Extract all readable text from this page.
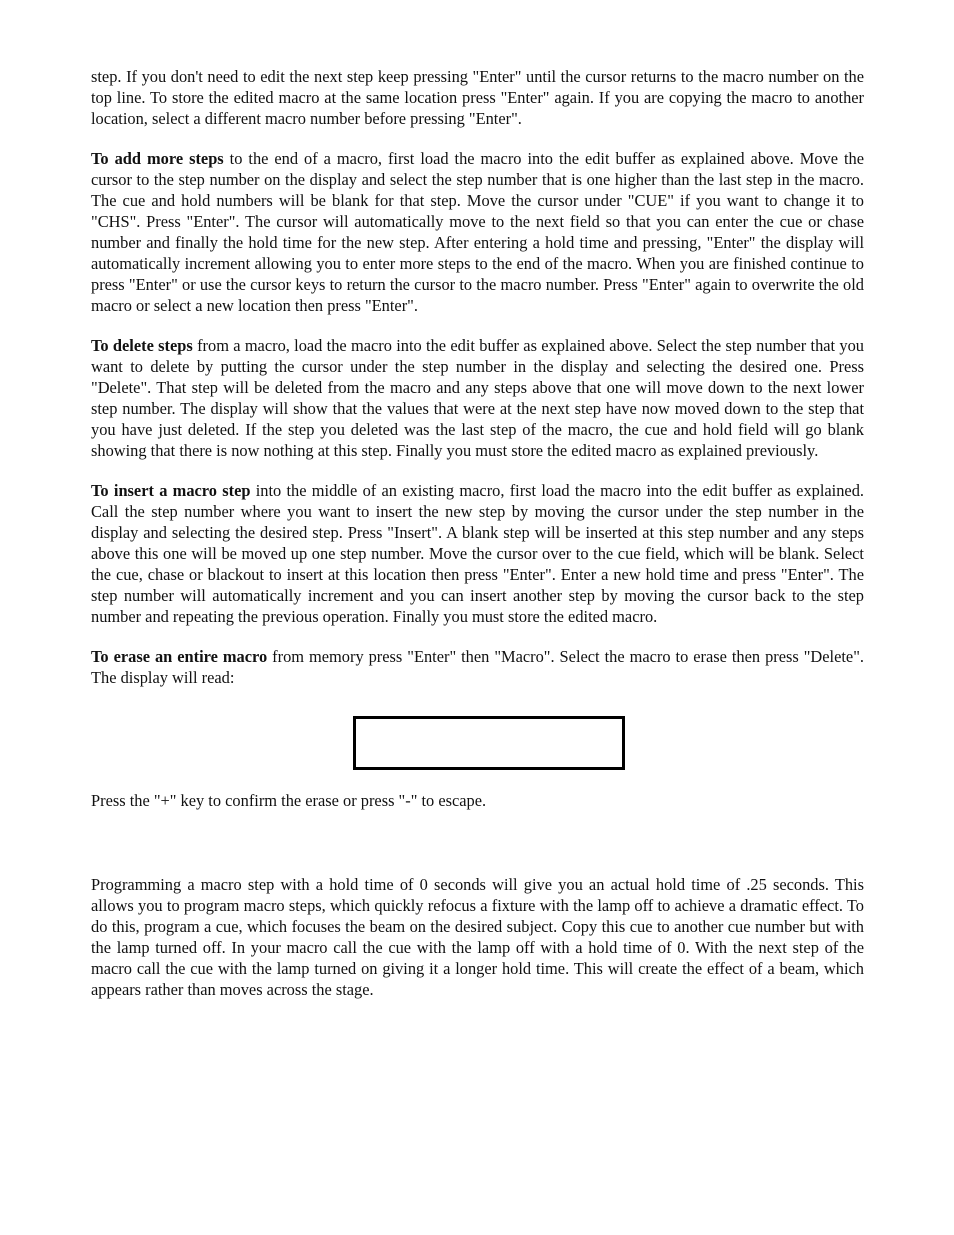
step. If you don't need to edit the next step keep pressing "Enter" until the cursor returns to the macro number on the top line. To store the edited macro at the same location press "Enter" again. If you are copying the macro to another location, select a different macro number before pressing "Enter".

To add more steps to the end of a macro, first load the macro into the edit buffer as explained above. Move the cursor to the step number on the display and select the step number that is one higher than the last step in the macro. The cue and hold numbers will be blank for that step. Move the cursor under "CUE" if you want to change it to "CHS". Press "Enter". The cursor will automatically move to the next field so that you can enter the cue or chase number and finally the hold time for the new step. After entering a hold time and pressing, "Enter" the display will automatically increment allowing you to enter more steps to the end of the macro. When you are finished continue to press "Enter" or use the cursor keys to return the cursor to the macro number. Press "Enter" again to overwrite the old macro or select a new location then press "Enter".

To delete steps from a macro, load the macro into the edit buffer as explained above. Select the step number that you want to delete by putting the cursor under the step number in the display and selecting the desired one. Press "Delete". That step will be deleted from the macro and any steps above that one will move down to the next lower step number. The display will show that the values that were at the next step have now moved down to the step that you have just deleted. If the step you deleted was the last step of the macro, the cue and hold field will go blank showing that there is now nothing at this step. Finally you must store the edited macro as explained previously.

To insert a macro step into the middle of an existing macro, first load the macro into the edit buffer as explained. Call the step number where you want to insert the new step by moving the cursor under the step number in the display and selecting the desired step. Press "Insert". A blank step will be inserted at this step number and any steps above this one will be moved up one step number. Move the cursor over to the cue field, which will be blank. Select the cue, chase or blackout to insert at this location then press "Enter". Enter a new hold time and press "Enter". The step number will automatically increment and you can insert another step by moving the cursor back to the step number and repeating the previous operation. Finally you must store the edited macro.

To erase an entire macro from memory press "Enter" then "Macro". Select the macro to erase then press "Delete". The display will read:

Press the "+" key to confirm the erase or press "-" to escape.

Programming a macro step with a hold time of 0 seconds will give you an actual hold time of .25 seconds. This allows you to program macro steps, which quickly refocus a fixture with the lamp off to achieve a dramatic effect. To do this, program a cue, which focuses the beam on the desired subject. Copy this cue to another cue number but with the lamp turned off. In your macro call the cue with the lamp off with a hold time of 0. With the next step of the macro call the cue with the lamp turned on giving it a longer hold time. This will create the effect of a beam, which appears rather than moves across the stage.
